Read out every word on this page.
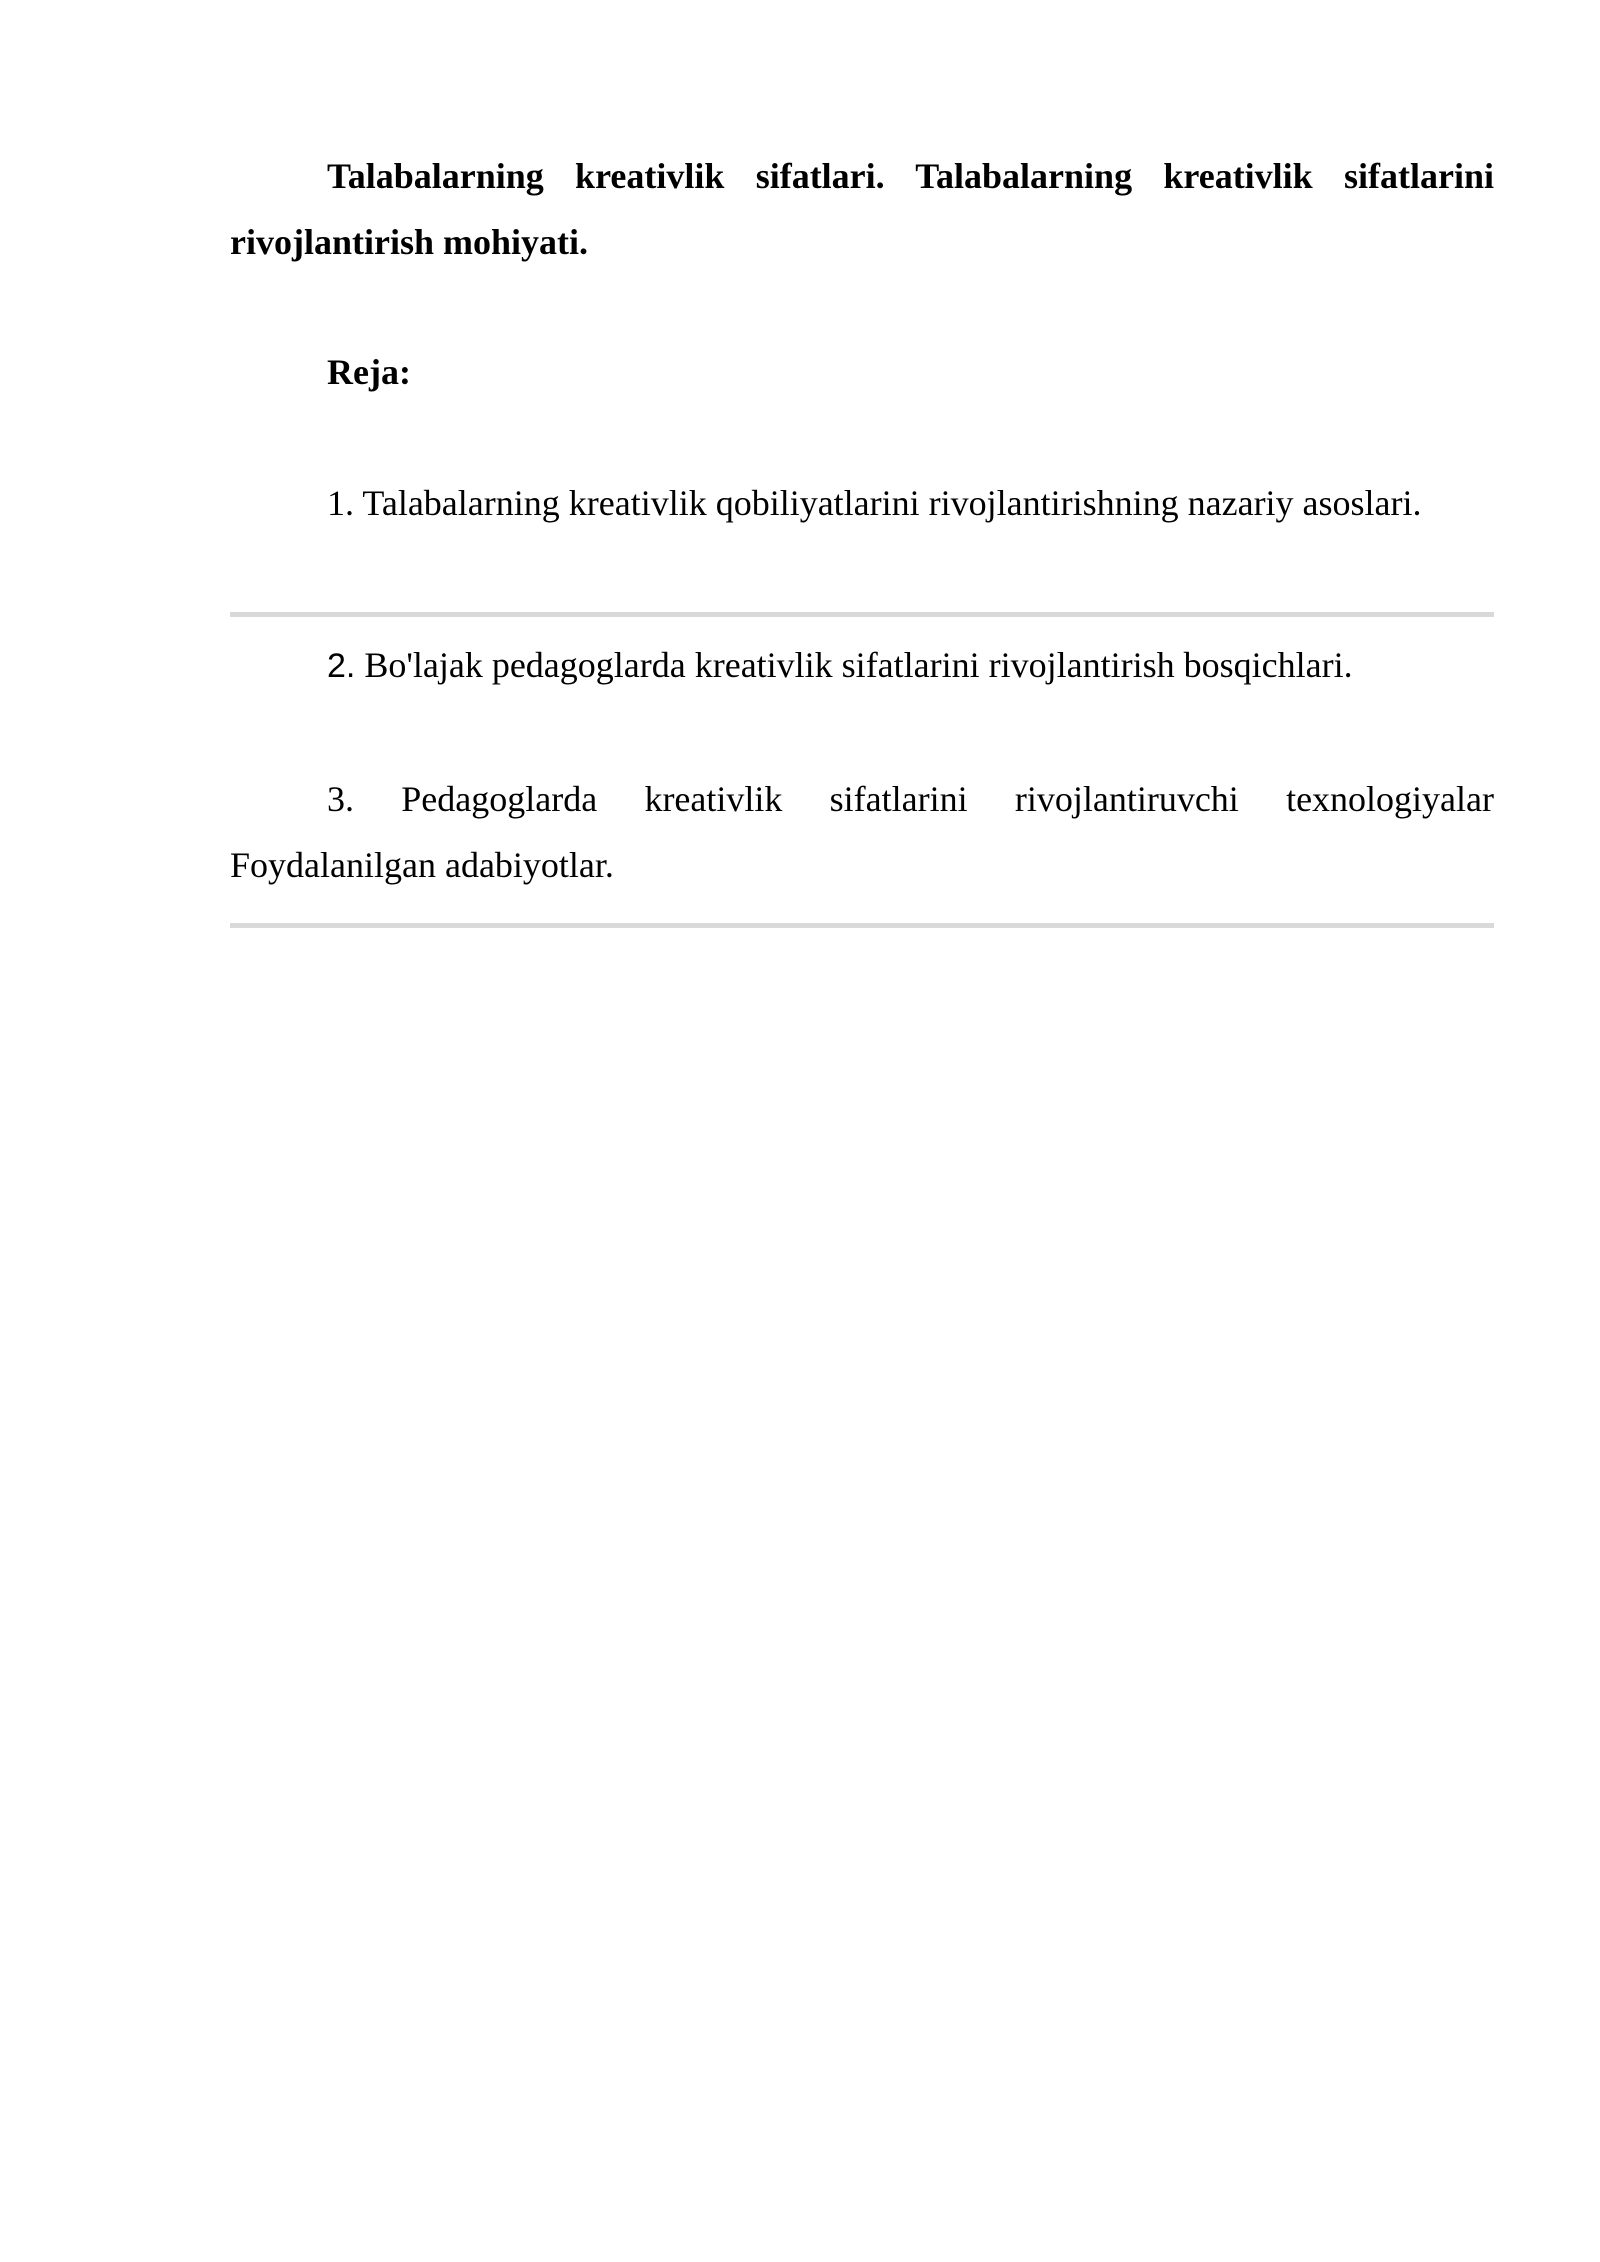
Talabalarning kreativlik sifatlari. Talabalarning kreativlik sifatlarini rivojlantirish mohiyati.
Reja:
1. Talabalarning kreativlik qobiliyatlarini rivojlantirishning nazariy asoslari.
2. Bo'lajak pedagoglarda kreativlik sifatlarini rivojlantirish bosqichlari.
3. Pedagoglarda kreativlik sifatlarini rivojlantiruvchi texnologiyalar Foydalanilgan adabiyotlar.
